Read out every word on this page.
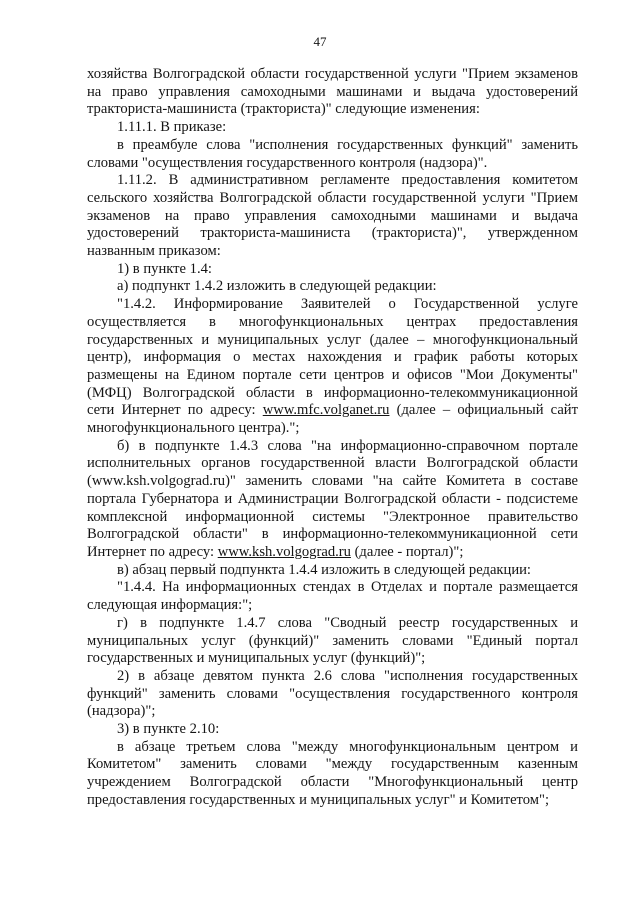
47

хозяйства Волгоградской области государственной услуги "Прием экзаменов на право управления самоходными машинами и выдача удостоверений тракториста-машиниста (тракториста)" следующие изменения:

1.11.1. В приказе:

в преамбуле слова "исполнения государственных функций" заменить словами "осуществления государственного контроля (надзора)".

1.11.2. В административном регламенте предоставления комитетом сельского хозяйства Волгоградской области государственной услуги "Прием экзаменов на право управления самоходными машинами и выдача удостоверений тракториста-машиниста (тракториста)", утвержденном названным приказом:

1) в пункте 1.4:

а) подпункт 1.4.2 изложить в следующей редакции:

"1.4.2. Информирование Заявителей о Государственной услуге осуществляется в многофункциональных центрах предоставления государственных и муниципальных услуг (далее – многофункциональный центр), информация о местах нахождения и график работы которых размещены на Едином портале сети центров и офисов "Мои Документы" (МФЦ) Волгоградской области в информационно-телекоммуникационной сети Интернет по адресу: www.mfc.volganet.ru (далее – официальный сайт многофункционального центра).";

б) в подпункте 1.4.3 слова "на информационно-справочном портале исполнительных органов государственной власти Волгоградской области (www.ksh.volgograd.ru)" заменить словами "на сайте Комитета в составе портала Губернатора и Администрации Волгоградской области - подсистеме комплексной информационной системы "Электронное правительство Волгоградской области" в информационно-телекоммуникационной сети Интернет по адресу: www.ksh.volgograd.ru (далее - портал)";

в) абзац первый подпункта 1.4.4 изложить в следующей редакции:

"1.4.4. На информационных стендах в Отделах и портале размещается следующая информация:";

г) в подпункте 1.4.7 слова "Сводный реестр государственных и муниципальных услуг (функций)" заменить словами "Единый портал государственных и муниципальных услуг (функций)";

2) в абзаце девятом пункта 2.6 слова "исполнения государственных функций" заменить словами "осуществления государственного контроля (надзора)";

3) в пункте 2.10:

в абзаце третьем слова "между многофункциональным центром и Комитетом" заменить словами "между государственным казенным учреждением Волгоградской области "Многофункциональный центр предоставления государственных и муниципальных услуг" и Комитетом";
